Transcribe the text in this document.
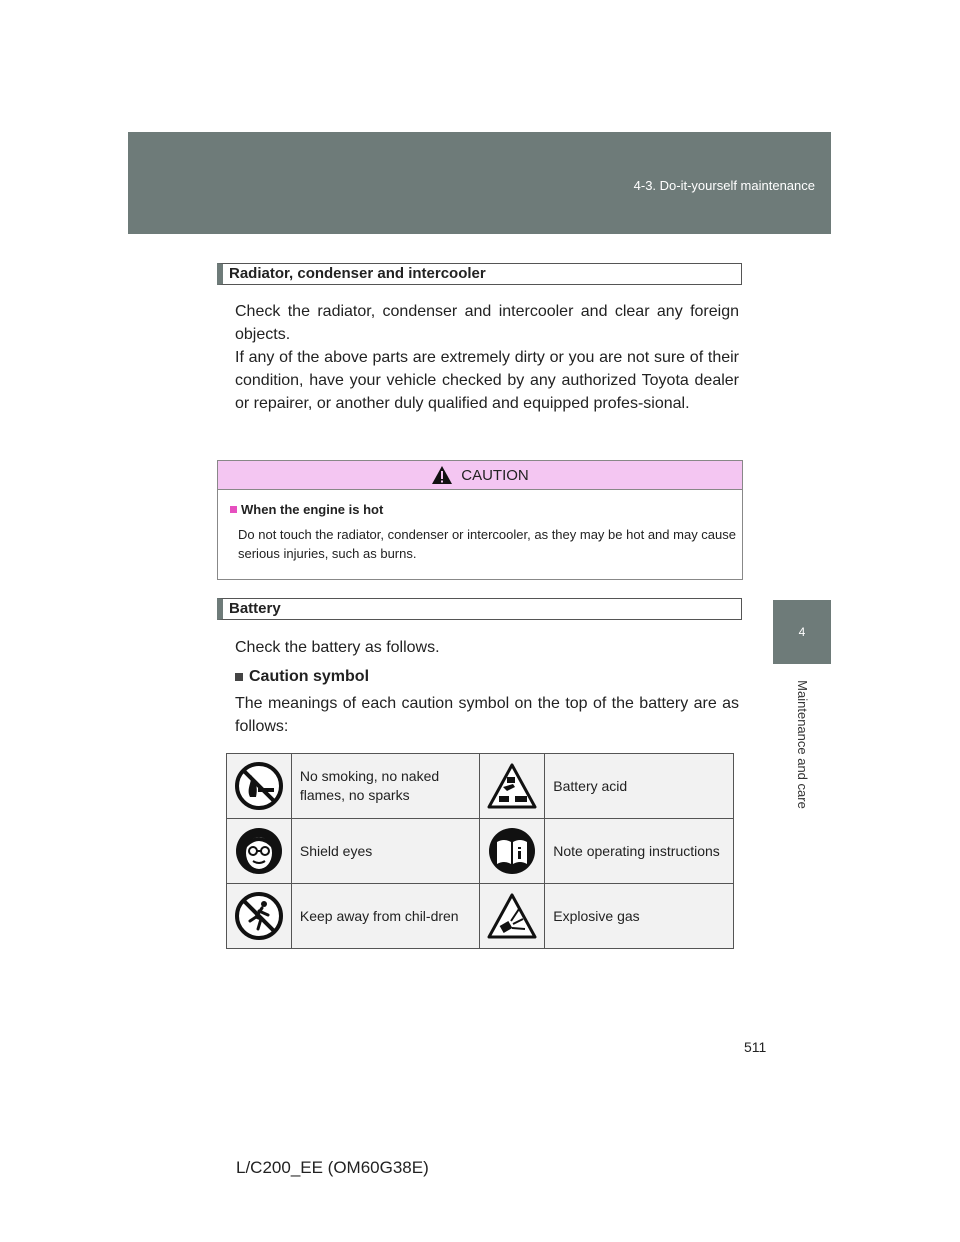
4-3. Do-it-yourself maintenance
4
Maintenance and care
Radiator, condenser and intercooler

Check the radiator, condenser and intercooler and clear any foreign objects.

If any of the above parts are extremely dirty or you are not sure of their condition, have your vehicle checked by any authorized Toyota dealer or repairer, or another duly qualified and equipped profes-sional.

CAUTION
When the engine is hot
Do not touch the radiator, condenser or intercooler, as they may be hot and may cause serious injuries, such as burns.
Battery
Check the battery as follows.
Caution symbol
The meanings of each caution symbol on the top of the battery are as follows:
	No smoking, no naked flames, no sparks		Battery acid

	Shield eyes		Note operating instructions

	Keep away from chil-dren		Explosive gas
511
L/C200_EE (OM60G38E)
